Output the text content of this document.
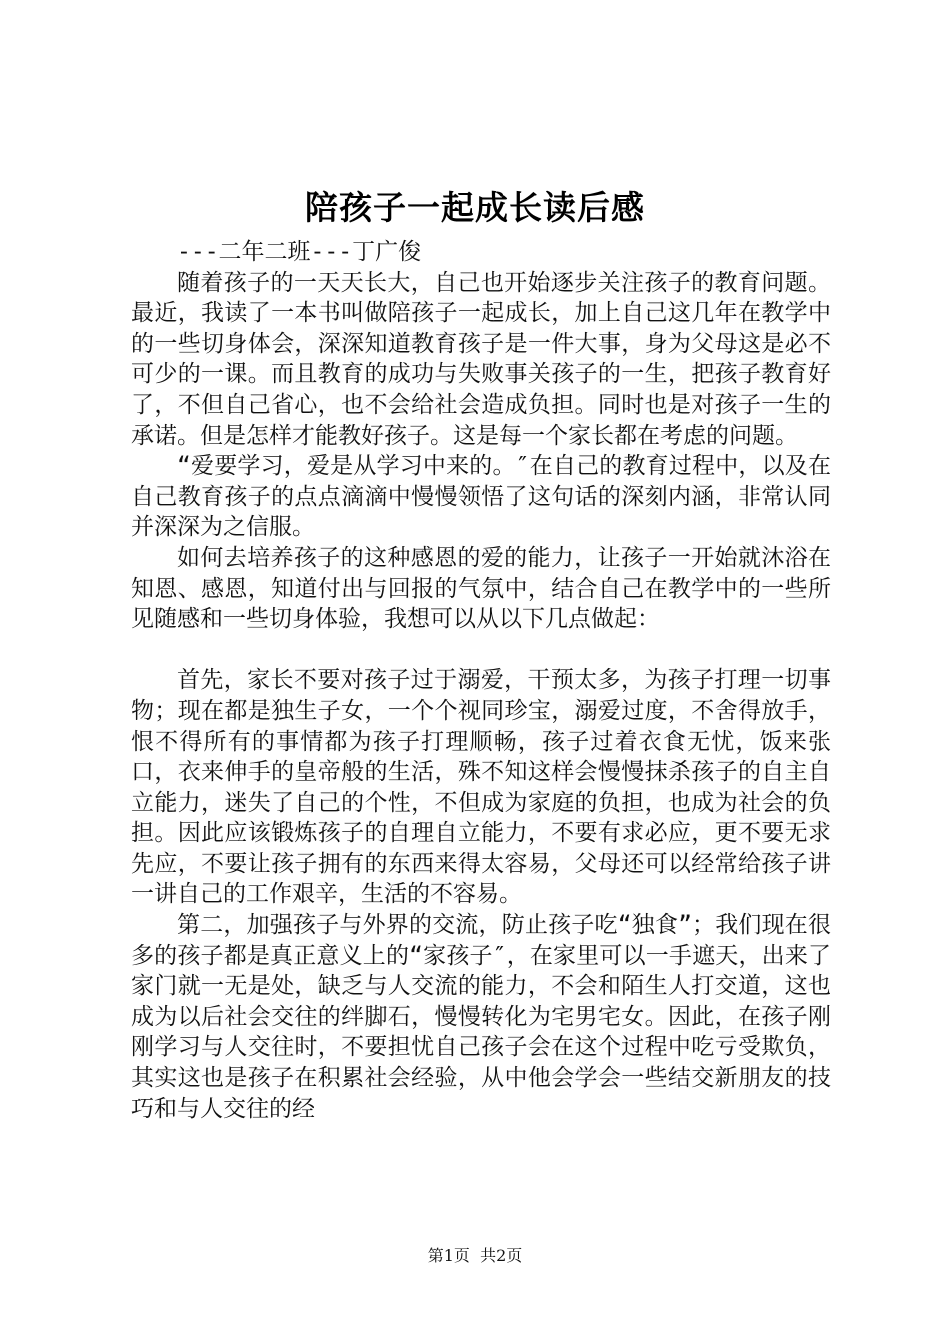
陪孩子一起成长读后感

---二年二班---丁广俊

随着孩子的一天天长大，自己也开始逐步关注孩子的教育问题。最近，我读了一本书叫做陪孩子一起成长，加上自己这几年在教学中的一些切身体会，深深知道教育孩子是一件大事，身为父母这是必不可少的一课。而且教育的成功与失败事关孩子的一生，把孩子教育好了，不但自己省心，也不会给社会造成负担。同时也是对孩子一生的承诺。但是怎样才能教好孩子。这是每一个家长都在考虑的问题。

“爱要学习，爱是从学习中来的。″在自己的教育过程中，以及在自己教育孩子的点点滴滴中慢慢领悟了这句话的深刻内涵，非常认同并深深为之信服。

如何去培养孩子的这种感恩的爱的能力，让孩子一开始就沐浴在知恩、感恩，知道付出与回报的气氛中，结合自己在教学中的一些所见随感和一些切身体验，我想可以从以下几点做起：

首先，家长不要对孩子过于溺爱，干预太多，为孩子打理一切事物；现在都是独生子女，一个个视同珍宝，溺爱过度，不舍得放手，恨不得所有的事情都为孩子打理顺畅，孩子过着衣食无忧，饭来张口，衣来伸手的皇帝般的生活，殊不知这样会慢慢抹杀孩子的自主自立能力，迷失了自己的个性，不但成为家庭的负担，也成为社会的负担。因此应该锻炼孩子的自理自立能力，不要有求必应，更不要无求先应，不要让孩子拥有的东西来得太容易，父母还可以经常给孩子讲一讲自己的工作艰辛，生活的不容易。

第二，加强孩子与外界的交流，防止孩子吃“独食”；我们现在很多的孩子都是真正意义上的“家孩子″，在家里可以一手遮天，出来了家门就一无是处，缺乏与人交流的能力，不会和陌生人打交道，这也成为以后社会交往的绊脚石，慢慢转化为宅男宅女。因此，在孩子刚刚学习与人交往时，不要担忧自己孩子会在这个过程中吃亏受欺负，其实这也是孩子在积累社会经验，从中他会学会一些结交新朋友的技巧和与人交往的经

第1页  共2页
